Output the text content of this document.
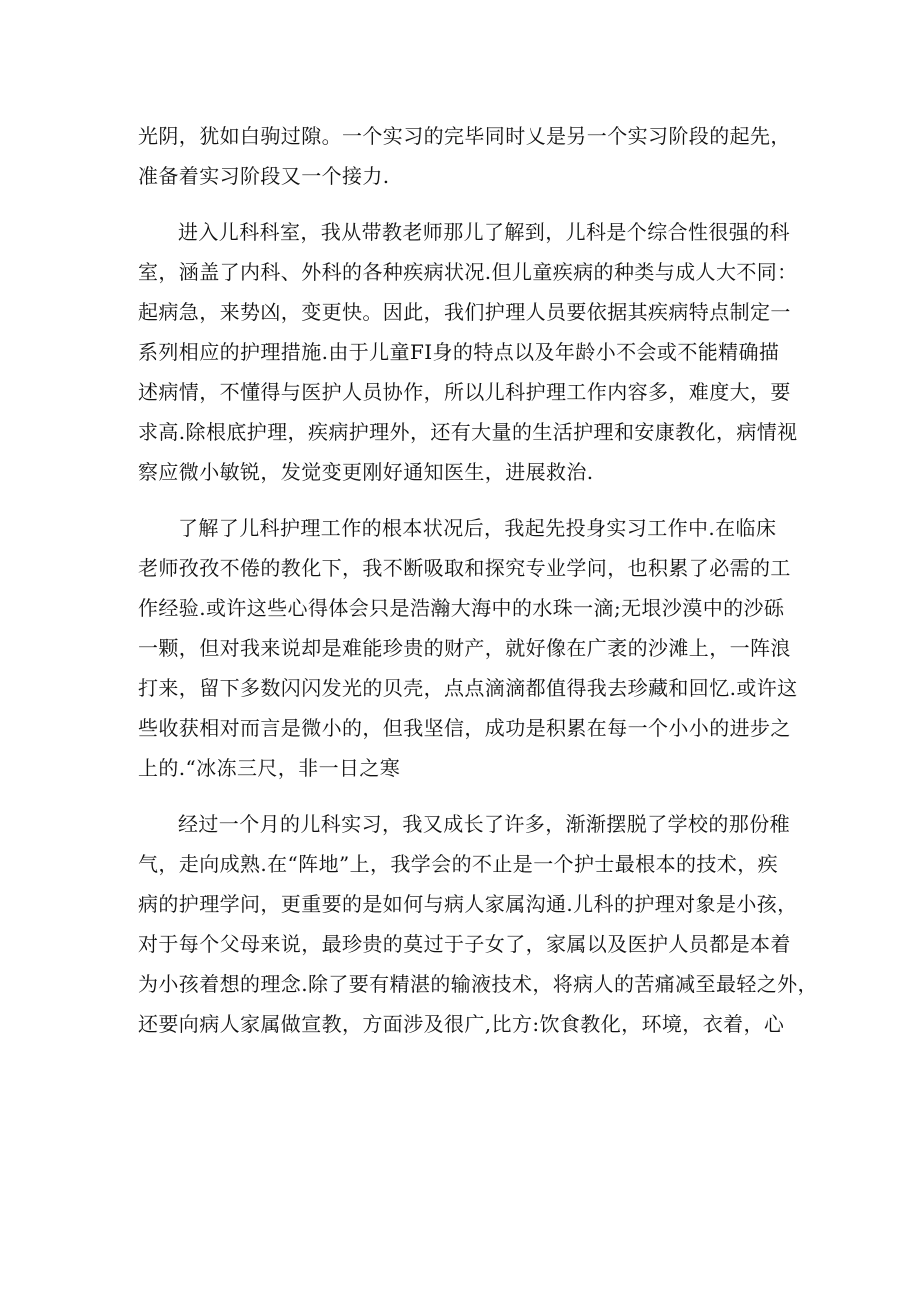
光阴，犹如白驹过隙。一个实习的完毕同时乂是另一个实习阶段的起先，
准备着实习阶段又一个接力.
进入儿科科室，我从带教老师那儿了解到，儿科是个综合性很强的科
室，涵盖了内科、外科的各种疾病状况.但儿童疾病的种类与成人大不同：
起病急，来势凶，变更快。因此，我们护理人员要依据其疾病特点制定一
系列相应的护理措施.由于儿童FI身的特点以及年龄小不会或不能精确描
述病情，不懂得与医护人员协作，所以儿科护理工作内容多，难度大，要
求高.除根底护理，疾病护理外，还有大量的生活护理和安康教化，病情视
察应微小敏锐，发觉变更刚好通知医生，进展救治.
了解了儿科护理工作的根本状况后，我起先投身实习工作中.在临床
老师孜孜不倦的教化下，我不断吸取和探究专业学问，也积累了必需的工
作经验.或许这些心得体会只是浩瀚大海中的水珠一滴;无垠沙漠中的沙砾
一颗，但对我来说却是难能珍贵的财产，就好像在广袤的沙滩上，一阵浪
打来，留下多数闪闪发光的贝壳，点点滴滴都值得我去珍藏和回忆.或许这
些收获相对而言是微小的，但我坚信，成功是积累在每一个小小的进步之
上的.“冰冻三尺，非一日之寒
经过一个月的儿科实习，我又成长了许多，渐渐摆脱了学校的那份稚
气，走向成熟.在“阵地”上，我学会的不止是一个护士最根本的技术，疾
病的护理学问，更重要的是如何与病人家属沟通.儿科的护理对象是小孩，
对于每个父母来说，最珍贵的莫过于子女了，家属以及医护人员都是本着
为小孩着想的理念.除了要有精湛的输液技术，将病人的苦痛减至最轻之外，
还要向病人家属做宣教，方面涉及很广,比方:饮食教化，环境，衣着，心
